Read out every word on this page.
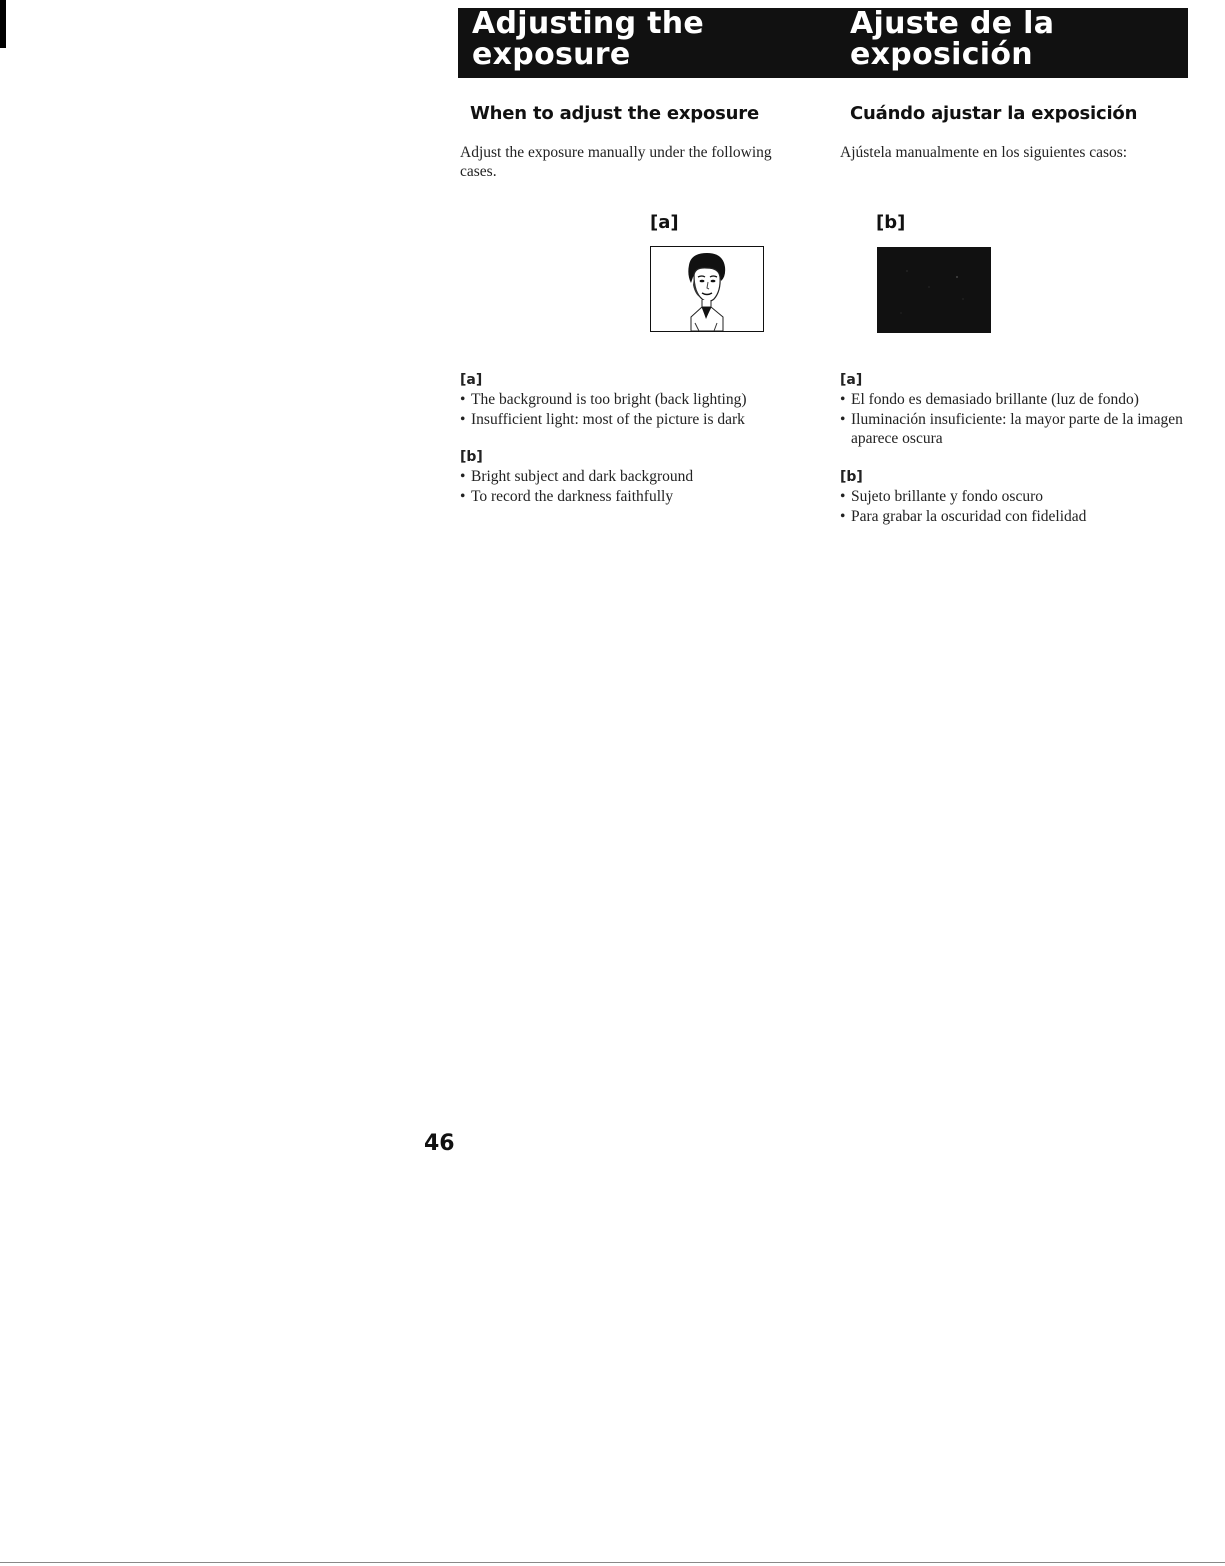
Adjusting the
exposure
Ajuste de la
exposición
When to adjust the exposure	Cuándo ajustar la exposición
Adjust the exposure manually under the following cases.
Ajústela manualmente en los siguientes casos:
[a]	[b]
[a]
• The background is too bright (back lighting)
• Insufficient light: most of the picture is dark
[b]
• Bright subject and dark background
• To record the darkness faithfully
[a]
• El fondo es demasiado brillante (luz de fondo)
• Iluminación insuficiente: la mayor parte de la imagen aparece oscura
[b]
• Sujeto brillante y fondo oscuro
• Para grabar la oscuridad con fidelidad
46
